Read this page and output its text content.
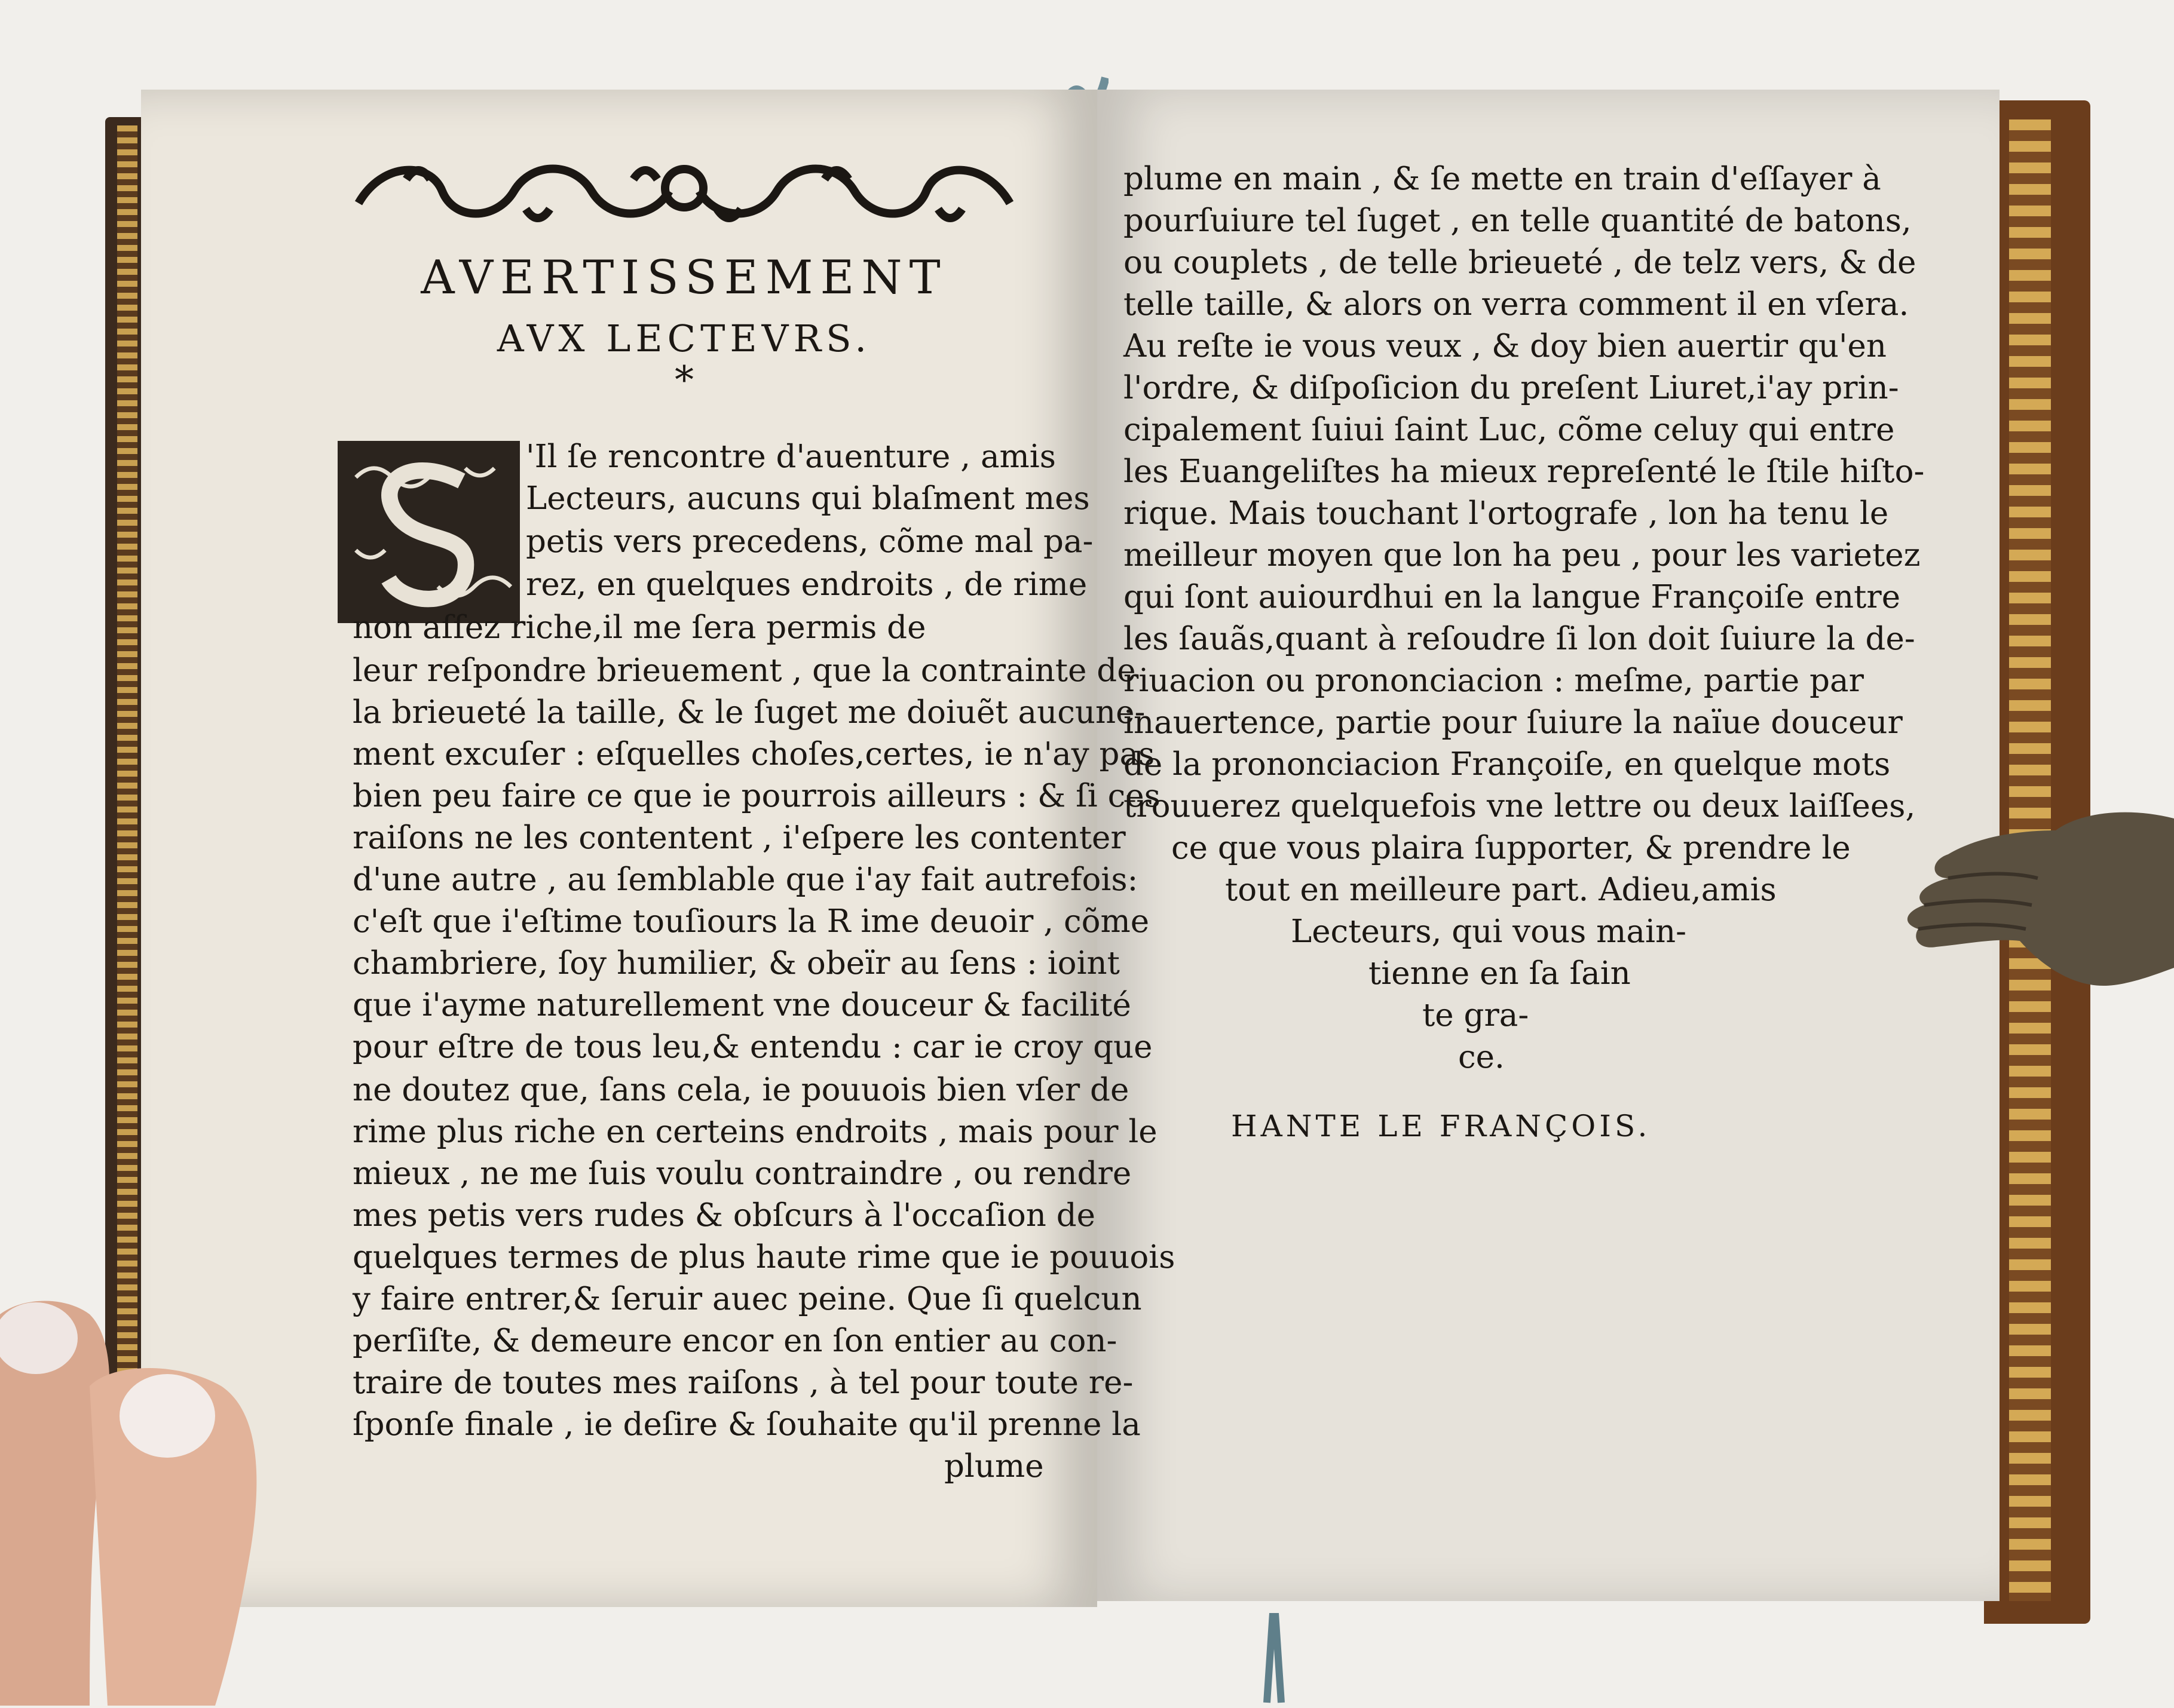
AVERTISSEMENT
AVX LECTEVRS.
*
'Il ſe rencontre d'auenture , amis
Lecteurs, aucuns qui blaſment mes
petis vers precedens, cõme mal pa-
rez, en quelques endroits , de rime
non aſſez riche,il me ſera permis de
leur reſpondre brieuement , que la contrainte de
la brieueté la taille, & le ſuget me doiuẽt aucune-
ment excuſer : eſquelles choſes,certes, ie n'ay pas
bien peu faire ce que ie pourrois ailleurs : & ſi ces
raiſons ne les contentent , i'eſpere les contenter
d'une autre , au ſemblable que i'ay fait autrefois:
c'eſt que i'eſtime touſiours la R ime deuoir , cõme
chambriere, ſoy humilier, & obeïr au ſens : ioint
que i'ayme naturellement vne douceur & facilité
pour eſtre de tous leu,& entendu : car ie croy que
ne doutez que, ſans cela, ie pouuois bien vſer de
rime plus riche en certeins endroits , mais pour le
mieux , ne me ſuis voulu contraindre , ou rendre
mes petis vers rudes & obſcurs à l'occaſion de
quelques termes de plus haute rime que ie pouuois
y faire entrer,& ſeruir auec peine. Que ſi quelcun
perſiſte, & demeure encor en ſon entier au con-
traire de toutes mes raiſons , à tel pour toute re-
ſponſe finale , ie deſire & ſouhaite qu'il prenne la
plume
plume en main , & ſe mette en train d'eſſayer à
pourſuiure tel ſuget , en telle quantité de batons,
ou couplets , de telle brieueté , de telz vers, & de
telle taille, & alors on verra comment il en vſera.
Au reſte ie vous veux , & doy bien auertir qu'en
l'ordre, & diſpoſicion du preſent Liuret,i'ay prin-
cipalement ſuiui ſaint Luc, cõme celuy qui entre
les Euangeliſtes ha mieux repreſenté le ſtile hiſto-
rique. Mais touchant l'ortografe , lon ha tenu le
meilleur moyen que lon ha peu , pour les varietez
qui ſont auiourdhui en la langue Françoiſe entre
les ſauãs,quant à reſoudre ſi lon doit ſuiure la de-
riuacion ou prononciacion : meſme, partie par
inauertence, partie pour ſuiure la naïue douceur
de la prononciacion Françoiſe, en quelque mots
trouuerez quelquefois vne lettre ou deux laiſſees,
ce que vous plaira ſupporter, & prendre le
tout en meilleure part. Adieu,amis
Lecteurs, qui vous main-
tienne en ſa ſain
te gra-
ce.
HANTE LE FRANÇOIS.
